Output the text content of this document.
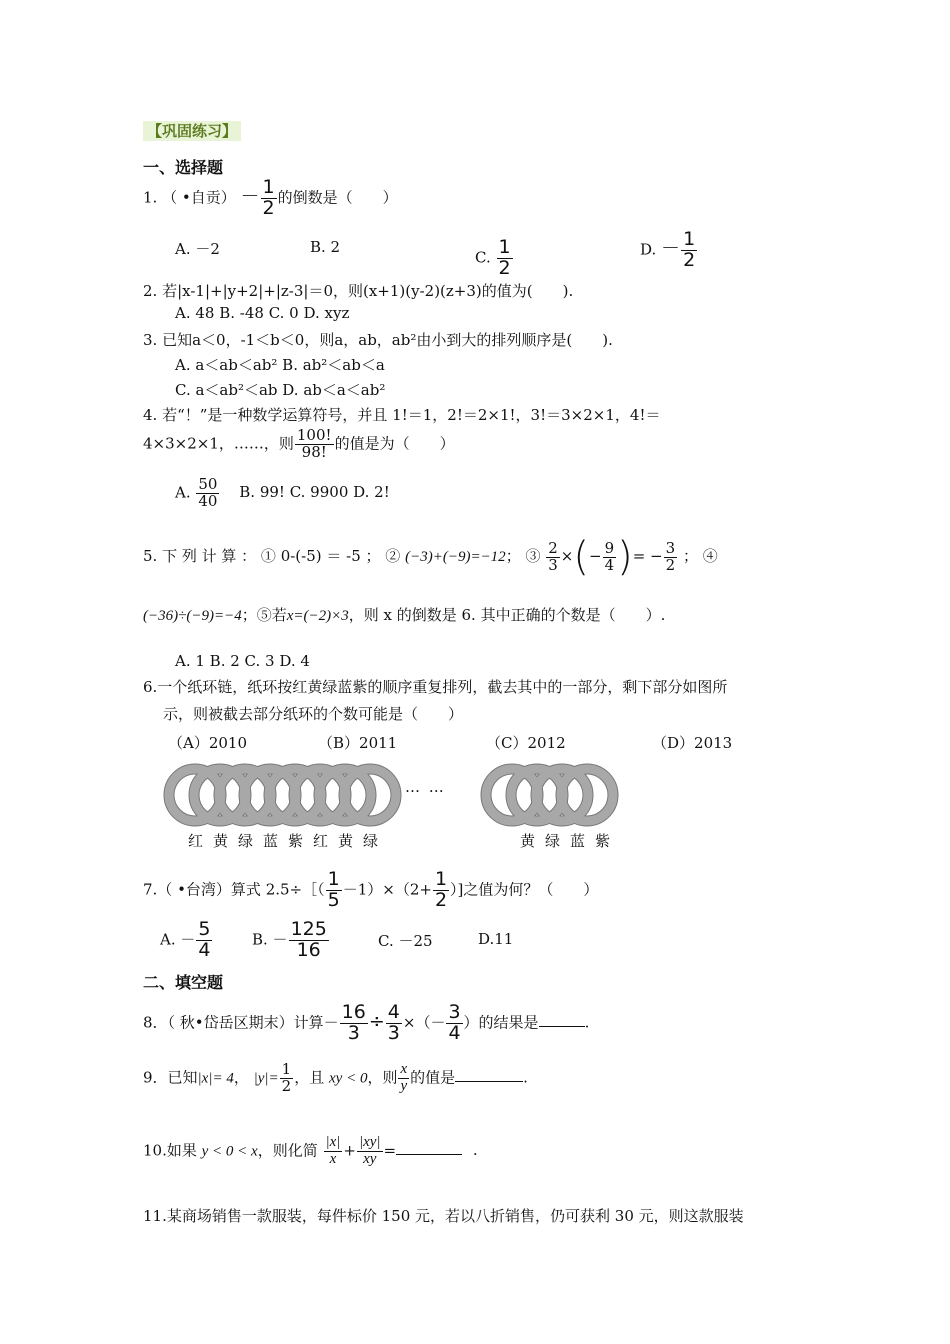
【巩固练习】
一、选择题
1. （ •自贡） － $\frac{1}{2}$ 的倒数是（　　）
A. －2	B. 2
C. $\frac{1}{2}$	D. － $\frac{1}{2}$
2. 若|x-1|+|y+2|+|z-3|＝0，则(x+1)(y-2)(z+3)的值为(　　).
A. 48 B. -48 C. 0 D. xyz
3. 已知a＜0，-1＜b＜0，则a，ab，ab²由小到大的排列顺序是(　　).
A. a＜ab＜ab² B. ab²＜ab＜a
C. a＜ab²＜ab D. ab＜a＜ab²
4. 若“！”是一种数学运算符号，并且 1!＝1，2!＝2×1!，3!＝3×2×1，4!＝
4×3×2×1，……，则 $\frac{100!}{98!}$ 的值是为（　　）
A. $\frac{50}{40} B$. 99! C. 9900 D. 2!
5. 下 列 计 算 ： ① 0-(-5) ＝ -5 ； ② (−3)+(−9)=−12； ③ $\frac{2}{3}$ ×(− $\frac{9}{4}$ )= − $\frac{3}{2}$ ； ④
(−36)÷(−9)=−4；⑤若x=(−2)×3，则 x 的倒数是 6. 其中正确的个数是（　　）.
A. 1 B. 2 C. 3 D. 4
6.一个纸环链，纸环按红黄绿蓝紫的顺序重复排列，截去其中的一部分，剩下部分如图所
示，则被截去部分纸环的个数可能是（　　）
（A）2010	（B）2011	（C）2012	（D）2013
… …
红 黄 绿 蓝 紫 红 黄 绿	黄 绿 蓝 紫
7.（ •台湾）算式 2.5÷［（ $\frac{1}{5} -1)\times(2+ \frac{1}{2}$ ）]之值为何？（　　）
A. － $\frac{5}{4}$	B. － $\frac{125}{16}$	C. －25	D.11
二、填空题
8．（ 秋•岱岳区期末）计算－ $\frac{16}{3} \div \frac{4}{3}$ ×（－ $\frac{3}{4}$ ）的结果是	.
9．已知|x|= 4， $|y|= \frac{1}{2}$ ，且 xy < 0，则 $\frac{x}{y}$ 的值是	.
10.如果 y < 0 < x，则化简 $\frac{|x|}{x} + \frac{|xy|}{xy}$ =	.
11.某商场销售一款服装，每件标价 150 元，若以八折销售，仍可获利 30 元，则这款服装
